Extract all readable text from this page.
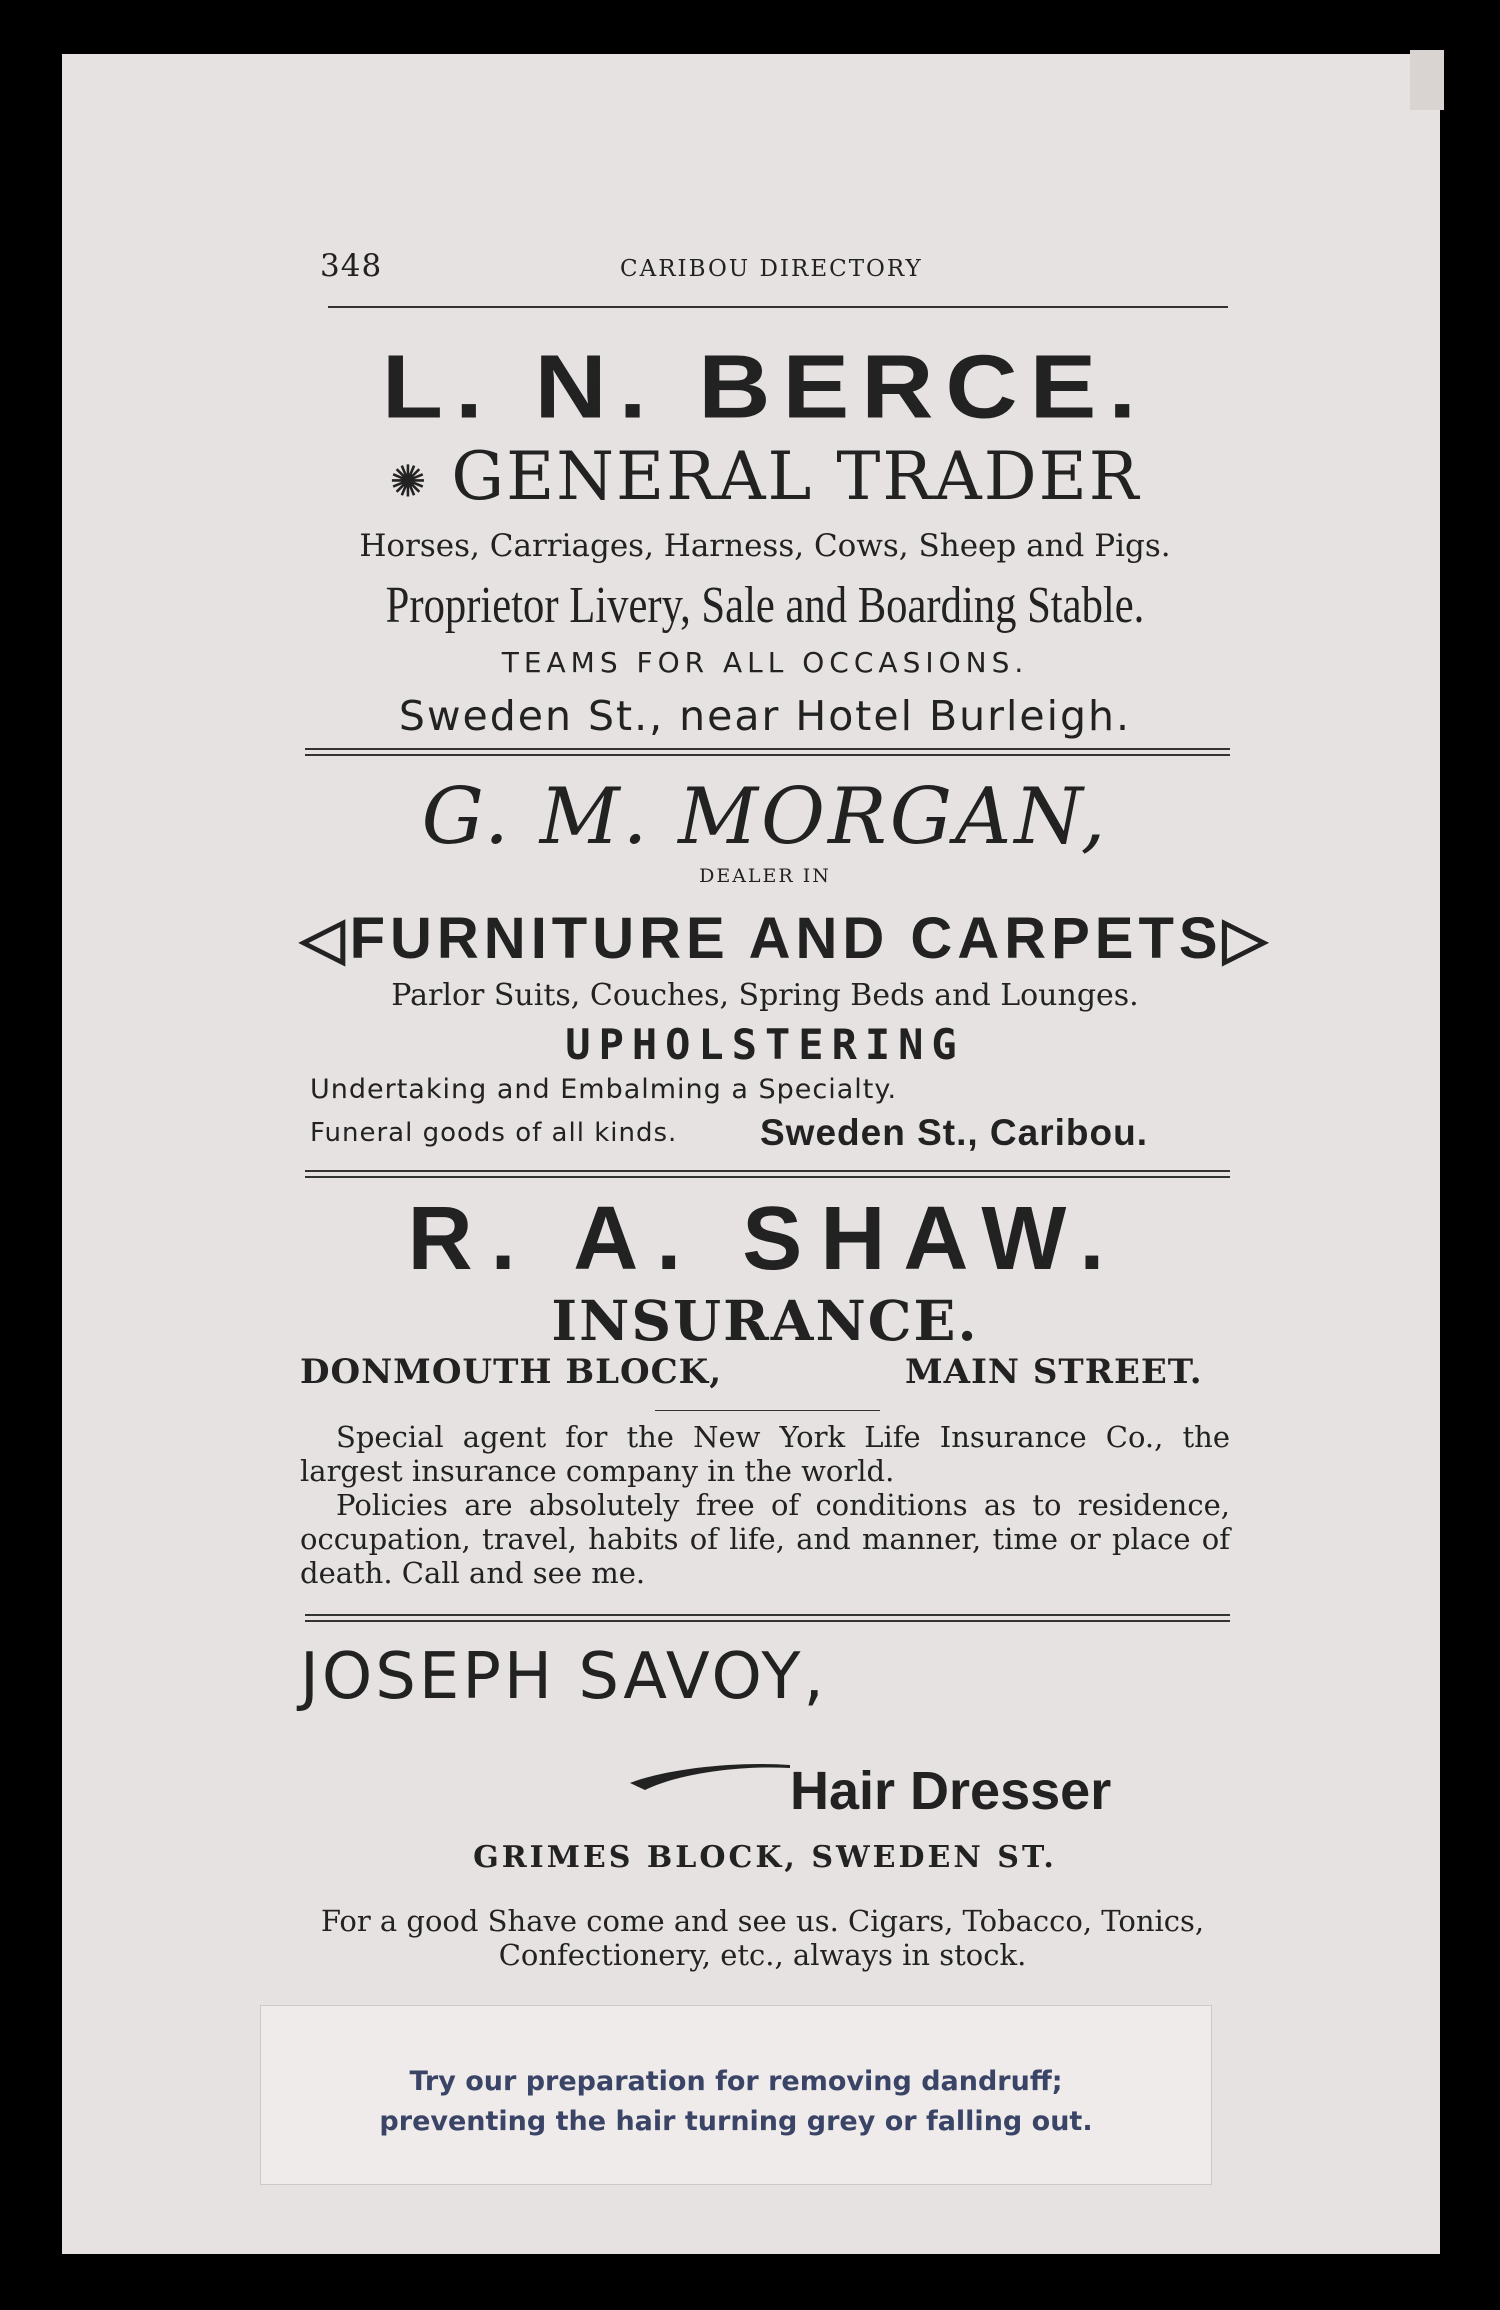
348	CARIBOU DIRECTORY
L. N. BERCE.
✺ GENERAL TRADER
Horses, Carriages, Harness, Cows, Sheep and Pigs.
Proprietor Livery, Sale and Boarding Stable.
TEAMS FOR ALL OCCASIONS.
Sweden St., near Hotel Burleigh.
G. M. MORGAN,
DEALER IN
◁FURNITURE AND CARPETS▷
Parlor Suits, Couches, Spring Beds and Lounges.
UPHOLSTERING
Undertaking and Embalming a Specialty.
Funeral goods of all kinds. Sweden St., Caribou.
R. A. SHAW.
INSURANCE.
DONMOUTH BLOCK,	MAIN STREET.
Special agent for the New York Life Insurance Co., the largest insurance company in the world.
Policies are absolutely free of conditions as to residence, occupation, travel, habits of life, and manner, time or place of death. Call and see me.
JOSEPH SAVOY,
Hair Dresser
GRIMES BLOCK, SWEDEN ST.
For a good Shave come and see us. Cigars, Tobacco, Tonics, Confectionery, etc., always in stock.
Try our preparation for removing dandruff;
preventing the hair turning grey or falling out.
